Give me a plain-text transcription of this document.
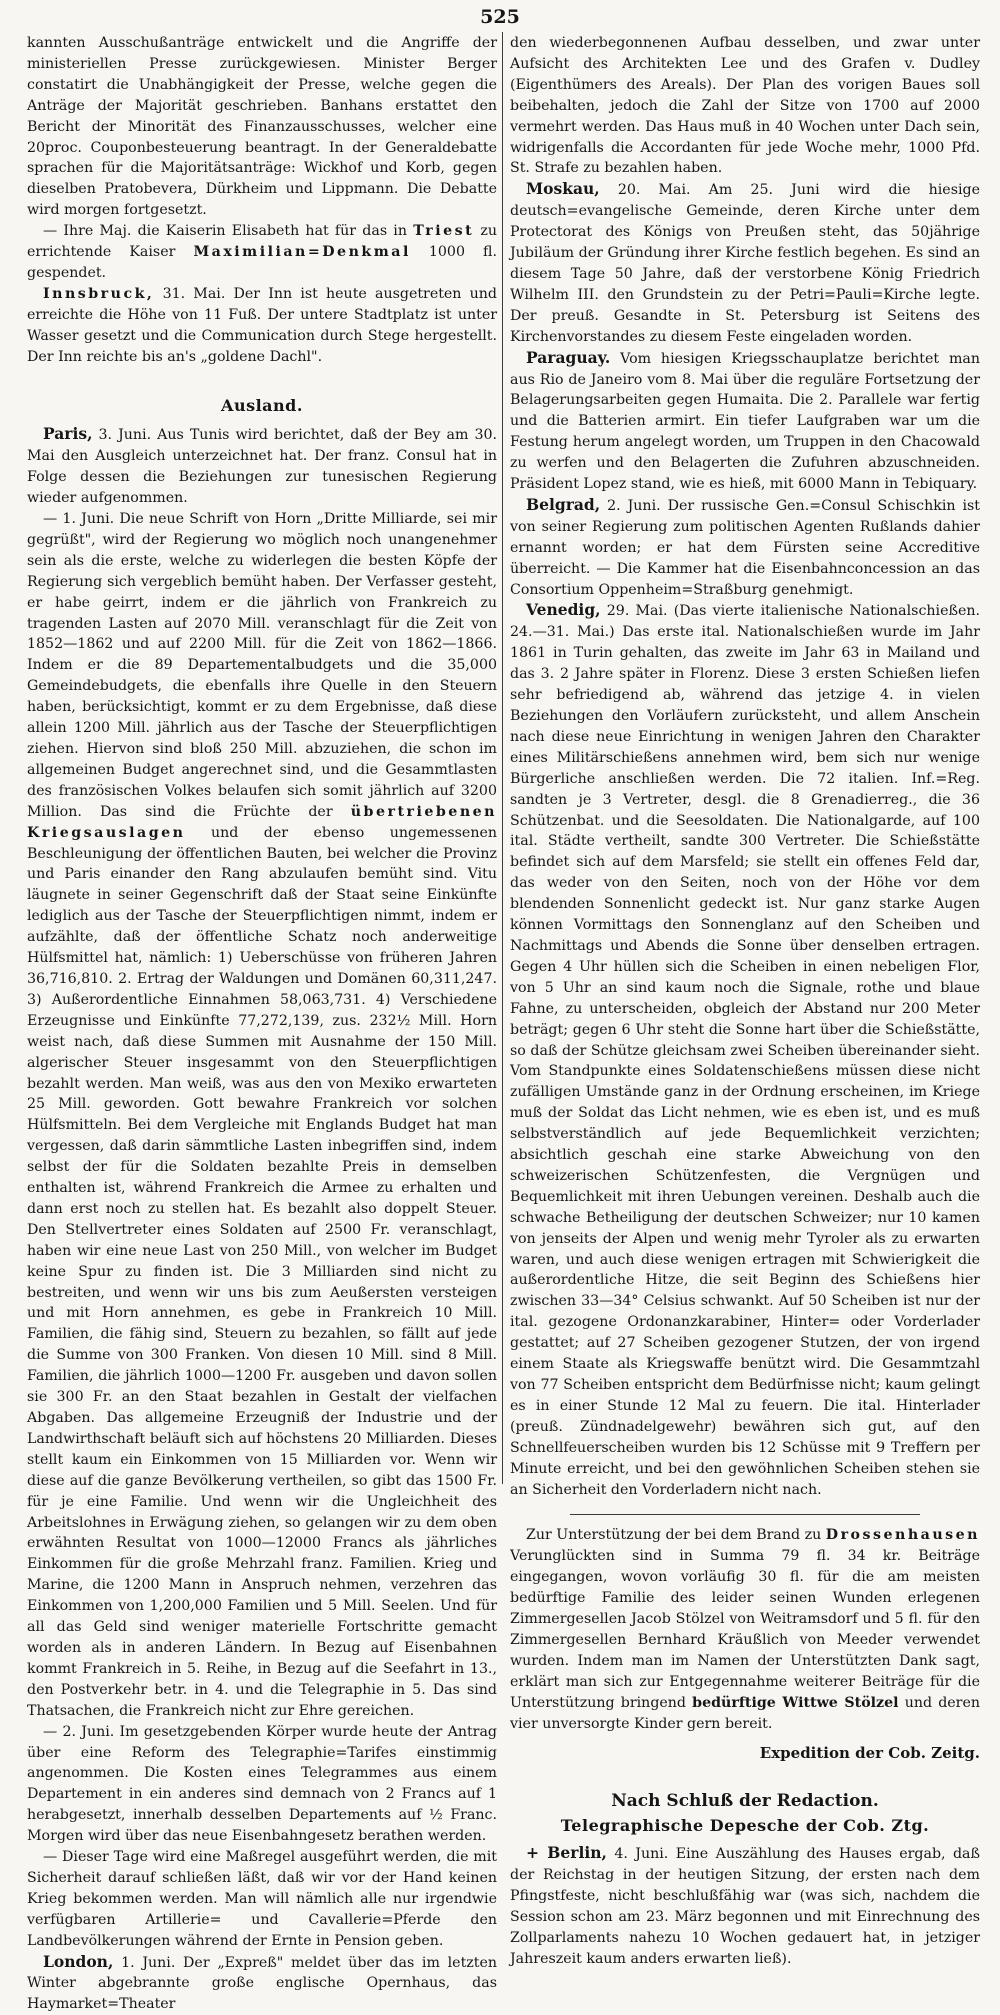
525

kannten Ausschußanträge entwickelt und die Angriffe der ministeriellen Presse zurückgewiesen. Minister Berger constatirt die Unabhängigkeit der Presse, welche gegen die Anträge der Majorität geschrieben. Banhans erstattet den Bericht der Minorität des Finanzausschusses, welcher eine 20proc. Couponbesteuerung beantragt. In der Generaldebatte sprachen für die Majoritätsanträge: Wickhof und Korb, gegen dieselben Pratobevera, Dürkheim und Lippmann. Die Debatte wird morgen fortgesetzt.

— Ihre Maj. die Kaiserin Elisabeth hat für das in Triest zu errichtende Kaiser Maximilian=Denkmal 1000 fl. gespendet.

Innsbruck, 31. Mai. Der Inn ist heute ausgetreten und erreichte die Höhe von 11 Fuß. Der untere Stadtplatz ist unter Wasser gesetzt und die Communication durch Stege hergestellt. Der Inn reichte bis an's „goldene Dachl".

Ausland.

Paris, 3. Juni. Aus Tunis wird berichtet, daß der Bey am 30. Mai den Ausgleich unterzeichnet hat. Der franz. Consul hat in Folge dessen die Beziehungen zur tunesischen Regierung wieder aufgenommen.

— 1. Juni. Die neue Schrift von Horn „Dritte Milliarde, sei mir gegrüßt", wird der Regierung wo möglich noch unangenehmer sein als die erste, welche zu widerlegen die besten Köpfe der Regierung sich vergeblich bemüht haben. Der Verfasser gesteht, er habe geirrt, indem er die jährlich von Frankreich zu tragenden Lasten auf 2070 Mill. veranschlagt für die Zeit von 1852—1862 und auf 2200 Mill. für die Zeit von 1862—1866. Indem er die 89 Departementalbudgets und die 35,000 Gemeindebudgets, die ebenfalls ihre Quelle in den Steuern haben, berücksichtigt, kommt er zu dem Ergebnisse, daß diese allein 1200 Mill. jährlich aus der Tasche der Steuerpflichtigen ziehen. Hiervon sind bloß 250 Mill. abzuziehen, die schon im allgemeinen Budget angerechnet sind, und die Gesammtlasten des französischen Volkes belaufen sich somit jährlich auf 3200 Million. Das sind die Früchte der übertriebenen Kriegsauslagen und der ebenso ungemessenen Beschleunigung der öffentlichen Bauten, bei welcher die Provinz und Paris einander den Rang abzulaufen bemüht sind. Vitu läugnete in seiner Gegenschrift daß der Staat seine Einkünfte lediglich aus der Tasche der Steuerpflichtigen nimmt, indem er aufzählte, daß der öffentliche Schatz noch anderweitige Hülfsmittel hat, nämlich: 1) Ueberschüsse von früheren Jahren 36,716,810. 2. Ertrag der Waldungen und Domänen 60,311,247. 3) Außerordentliche Einnahmen 58,063,731. 4) Verschiedene Erzeugnisse und Einkünfte 77,272,139, zus. 232½ Mill. Horn weist nach, daß diese Summen mit Ausnahme der 150 Mill. algerischer Steuer insgesammt von den Steuerpflichtigen bezahlt werden. Man weiß, was aus den von Mexiko erwarteten 25 Mill. geworden. Gott bewahre Frankreich vor solchen Hülfsmitteln. Bei dem Vergleiche mit Englands Budget hat man vergessen, daß darin sämmtliche Lasten inbegriffen sind, indem selbst der für die Soldaten bezahlte Preis in demselben enthalten ist, während Frankreich die Armee zu erhalten und dann erst noch zu stellen hat. Es bezahlt also doppelt Steuer. Den Stellvertreter eines Soldaten auf 2500 Fr. veranschlagt, haben wir eine neue Last von 250 Mill., von welcher im Budget keine Spur zu finden ist. Die 3 Milliarden sind nicht zu bestreiten, und wenn wir uns bis zum Aeußersten versteigen und mit Horn annehmen, es gebe in Frankreich 10 Mill. Familien, die fähig sind, Steuern zu bezahlen, so fällt auf jede die Summe von 300 Franken. Von diesen 10 Mill. sind 8 Mill. Familien, die jährlich 1000—1200 Fr. ausgeben und davon sollen sie 300 Fr. an den Staat bezahlen in Gestalt der vielfachen Abgaben. Das allgemeine Erzeugniß der Industrie und der Landwirthschaft beläuft sich auf höchstens 20 Milliarden. Dieses stellt kaum ein Einkommen von 15 Milliarden vor. Wenn wir diese auf die ganze Bevölkerung vertheilen, so gibt das 1500 Fr. für je eine Familie. Und wenn wir die Ungleichheit des Arbeitslohnes in Erwägung ziehen, so gelangen wir zu dem oben erwähnten Resultat von 1000—12000 Francs als jährliches Einkommen für die große Mehrzahl franz. Familien. Krieg und Marine, die 1200 Mann in Anspruch nehmen, verzehren das Einkommen von 1,200,000 Familien und 5 Mill. Seelen. Und für all das Geld sind weniger materielle Fortschritte gemacht worden als in anderen Ländern. In Bezug auf Eisenbahnen kommt Frankreich in 5. Reihe, in Bezug auf die Seefahrt in 13., den Postverkehr betr. in 4. und die Telegraphie in 5. Das sind Thatsachen, die Frankreich nicht zur Ehre gereichen.

— 2. Juni. Im gesetzgebenden Körper wurde heute der Antrag über eine Reform des Telegraphie=Tarifes einstimmig angenommen. Die Kosten eines Telegrammes aus einem Departement in ein anderes sind demnach von 2 Francs auf 1 herabgesetzt, innerhalb desselben Departements auf ½ Franc. Morgen wird über das neue Eisenbahngesetz berathen werden.

— Dieser Tage wird eine Maßregel ausgeführt werden, die mit Sicherheit darauf schließen läßt, daß wir vor der Hand keinen Krieg bekommen werden. Man will nämlich alle nur irgendwie verfügbaren Artillerie= und Cavallerie=Pferde den Landbevölkerungen während der Ernte in Pension geben.

London, 1. Juni. Der „Expreß" meldet über das im letzten Winter abgebrannte große englische Opernhaus, das Haymarket=Theater

den wiederbegonnenen Aufbau desselben, und zwar unter Aufsicht des Architekten Lee und des Grafen v. Dudley (Eigenthümers des Areals). Der Plan des vorigen Baues soll beibehalten, jedoch die Zahl der Sitze von 1700 auf 2000 vermehrt werden. Das Haus muß in 40 Wochen unter Dach sein, widrigenfalls die Accordanten für jede Woche mehr, 1000 Pfd. St. Strafe zu bezahlen haben.

Moskau, 20. Mai. Am 25. Juni wird die hiesige deutsch=evangelische Gemeinde, deren Kirche unter dem Protectorat des Königs von Preußen steht, das 50jährige Jubiläum der Gründung ihrer Kirche festlich begehen. Es sind an diesem Tage 50 Jahre, daß der verstorbene König Friedrich Wilhelm III. den Grundstein zu der Petri=Pauli=Kirche legte. Der preuß. Gesandte in St. Petersburg ist Seitens des Kirchenvorstandes zu diesem Feste eingeladen worden.

Paraguay. Vom hiesigen Kriegsschauplatze berichtet man aus Rio de Janeiro vom 8. Mai über die reguläre Fortsetzung der Belagerungsarbeiten gegen Humaita. Die 2. Parallele war fertig und die Batterien armirt. Ein tiefer Laufgraben war um die Festung herum angelegt worden, um Truppen in den Chacowald zu werfen und den Belagerten die Zufuhren abzuschneiden. Präsident Lopez stand, wie es hieß, mit 6000 Mann in Tebiquary.

Belgrad, 2. Juni. Der russische Gen.=Consul Schischkin ist von seiner Regierung zum politischen Agenten Rußlands dahier ernannt worden; er hat dem Fürsten seine Accreditive überreicht. — Die Kammer hat die Eisenbahnconcession an das Consortium Oppenheim=Straßburg genehmigt.

Venedig, 29. Mai. (Das vierte italienische Nationalschießen. 24.—31. Mai.) Das erste ital. Nationalschießen wurde im Jahr 1861 in Turin gehalten, das zweite im Jahr 63 in Mailand und das 3. 2 Jahre später in Florenz. Diese 3 ersten Schießen liefen sehr befriedigend ab, während das jetzige 4. in vielen Beziehungen den Vorläufern zurücksteht, und allem Anschein nach diese neue Einrichtung in wenigen Jahren den Charakter eines Militärschießens annehmen wird, bem sich nur wenige Bürgerliche anschließen werden. Die 72 italien. Inf.=Reg. sandten je 3 Vertreter, desgl. die 8 Grenadierreg., die 36 Schützenbat. und die Seesoldaten. Die Nationalgarde, auf 100 ital. Städte vertheilt, sandte 300 Vertreter. Die Schießstätte befindet sich auf dem Marsfeld; sie stellt ein offenes Feld dar, das weder von den Seiten, noch von der Höhe vor dem blendenden Sonnenlicht gedeckt ist. Nur ganz starke Augen können Vormittags den Sonnenglanz auf den Scheiben und Nachmittags und Abends die Sonne über denselben ertragen. Gegen 4 Uhr hüllen sich die Scheiben in einen nebeligen Flor, von 5 Uhr an sind kaum noch die Signale, rothe und blaue Fahne, zu unterscheiden, obgleich der Abstand nur 200 Meter beträgt; gegen 6 Uhr steht die Sonne hart über die Schießstätte, so daß der Schütze gleichsam zwei Scheiben übereinander sieht. Vom Standpunkte eines Soldatenschießens müssen diese nicht zufälligen Umstände ganz in der Ordnung erscheinen, im Kriege muß der Soldat das Licht nehmen, wie es eben ist, und es muß selbstverständlich auf jede Bequemlichkeit verzichten; absichtlich geschah eine starke Abweichung von den schweizerischen Schützenfesten, die Vergnügen und Bequemlichkeit mit ihren Uebungen vereinen. Deshalb auch die schwache Betheiligung der deutschen Schweizer; nur 10 kamen von jenseits der Alpen und wenig mehr Tyroler als zu erwarten waren, und auch diese wenigen ertragen mit Schwierigkeit die außerordentliche Hitze, die seit Beginn des Schießens hier zwischen 33—34° Celsius schwankt. Auf 50 Scheiben ist nur der ital. gezogene Ordonanzkarabiner, Hinter= oder Vorderlader gestattet; auf 27 Scheiben gezogener Stutzen, der von irgend einem Staate als Kriegswaffe benützt wird. Die Gesammtzahl von 77 Scheiben entspricht dem Bedürfnisse nicht; kaum gelingt es in einer Stunde 12 Mal zu feuern. Die ital. Hinterlader (preuß. Zündnadelgewehr) bewähren sich gut, auf den Schnellfeuerscheiben wurden bis 12 Schüsse mit 9 Treffern per Minute erreicht, und bei den gewöhnlichen Scheiben stehen sie an Sicherheit den Vorderladern nicht nach.

Zur Unterstützung der bei dem Brand zu Drossenhausen Verunglückten sind in Summa 79 fl. 34 kr. Beiträge eingegangen, wovon vorläufig 30 fl. für die am meisten bedürftige Familie des leider seinen Wunden erlegenen Zimmergesellen Jacob Stölzel von Weitramsdorf und 5 fl. für den Zimmergesellen Bernhard Kräußlich von Meeder verwendet wurden. Indem man im Namen der Unterstützten Dank sagt, erklärt man sich zur Entgegennahme weiterer Beiträge für die Unterstützung bringend bedürftige Wittwe Stölzel und deren vier unversorgte Kinder gern bereit.

Expedition der Cob. Zeitg.
Nach Schluß der Redaction.
Telegraphische Depesche der Cob. Ztg.

+ Berlin, 4. Juni. Eine Auszählung des Hauses ergab, daß der Reichstag in der heutigen Sitzung, der ersten nach dem Pfingstfeste, nicht beschlußfähig war (was sich, nachdem die Session schon am 23. März begonnen und mit Einrechnung des Zollparlaments nahezu 10 Wochen gedauert hat, in jetziger Jahreszeit kaum anders erwarten ließ).
